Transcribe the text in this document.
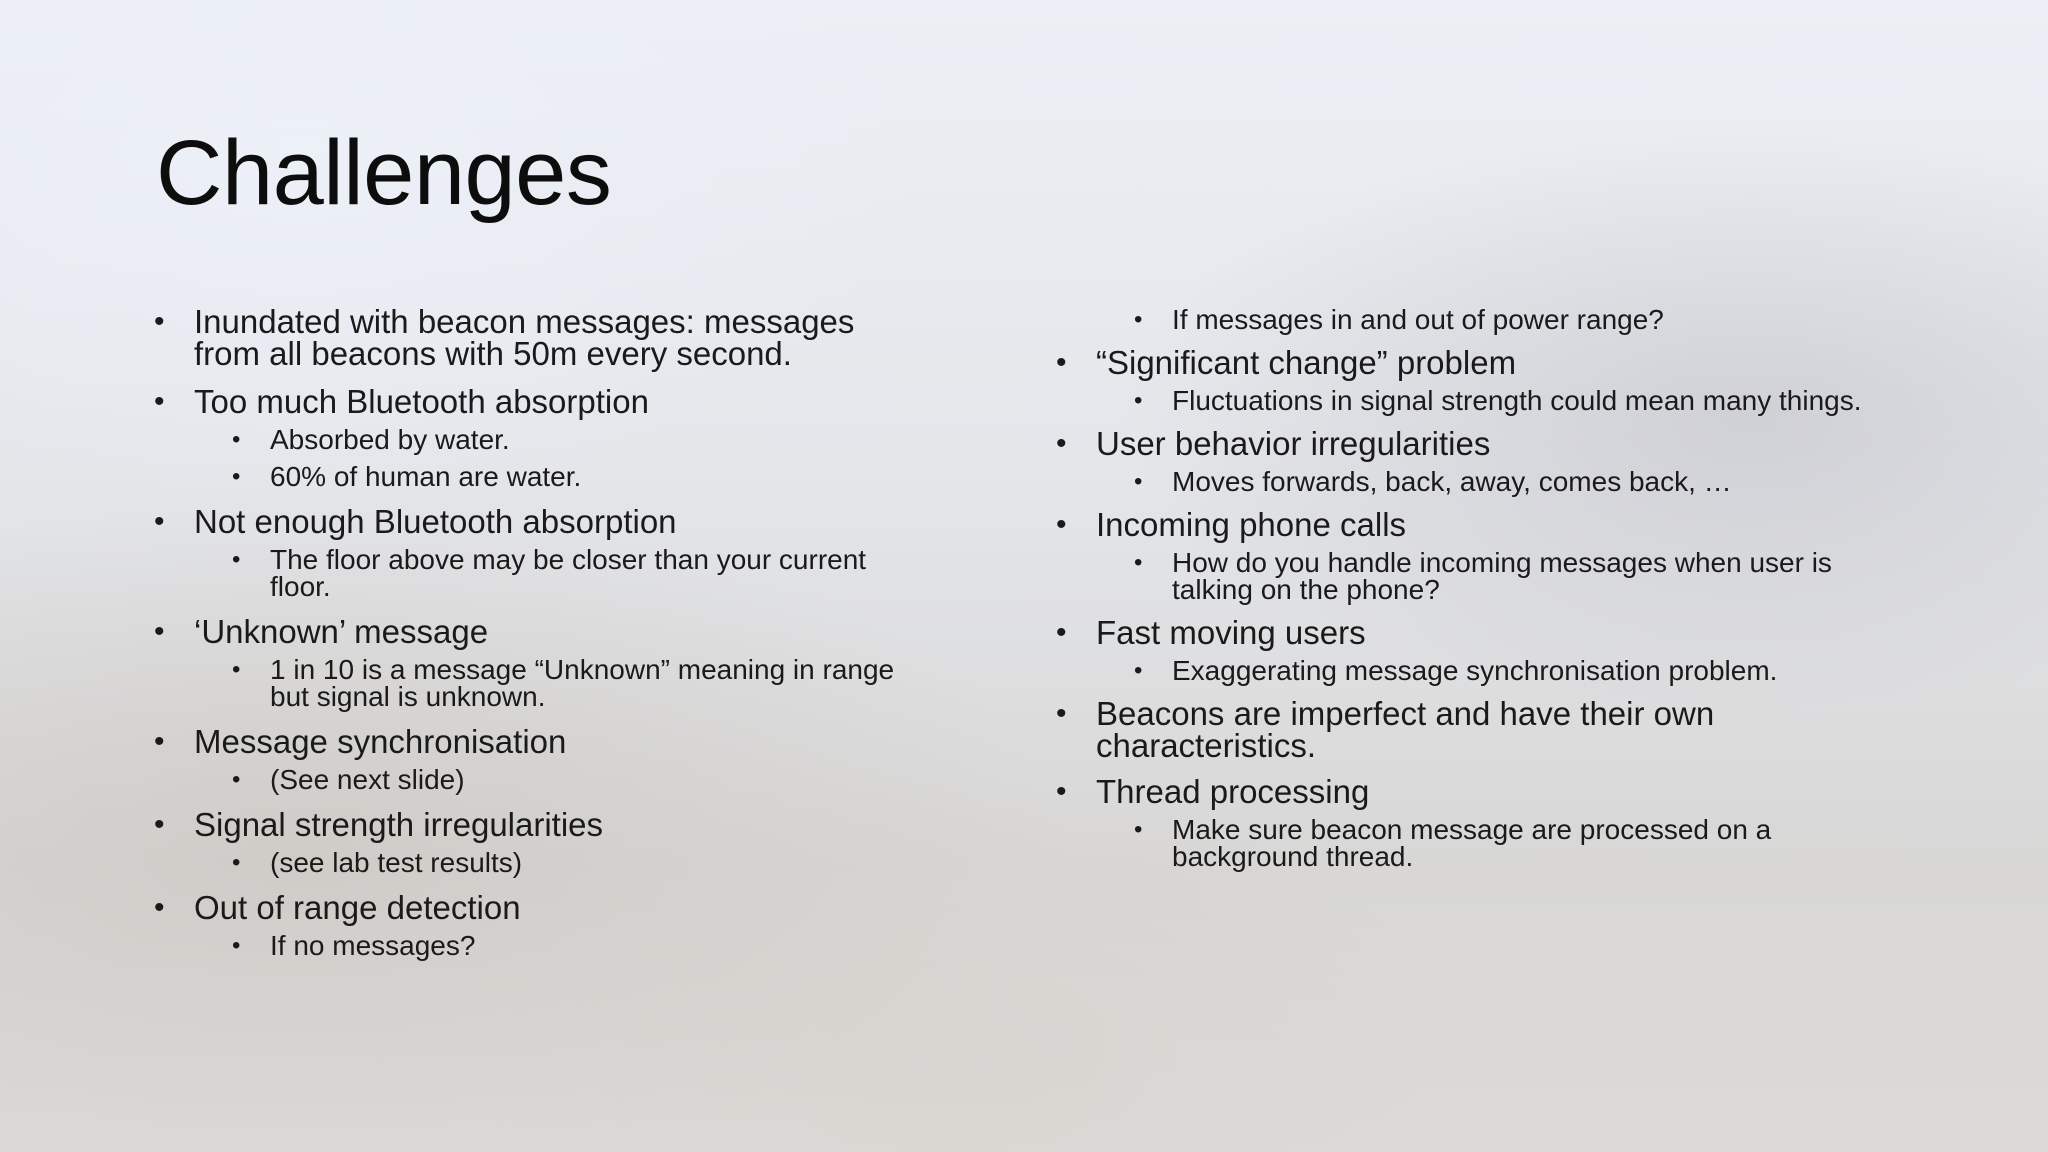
Challenges
• Inundated with beacon messages: messages from all beacons with 50m every second.
• Too much Bluetooth absorption
• Absorbed by water.
• 60% of human are water.
• Not enough Bluetooth absorption
• The floor above may be closer than your current floor.
• ‘Unknown’ message
• 1 in 10 is a message “Unknown” meaning in range but signal is unknown.
• Message synchronisation
• (See next slide)
• Signal strength irregularities
• (see lab test results)
• Out of range detection
• If no messages?
• If messages in and out of power range?
• “Significant change” problem
• Fluctuations in signal strength could mean many things.
• User behavior irregularities
• Moves forwards, back, away, comes back, …
• Incoming phone calls
• How do you handle incoming messages when user is talking on the phone?
• Fast moving users
• Exaggerating message synchronisation problem.
• Beacons are imperfect and have their own characteristics.
• Thread processing
• Make sure beacon message are processed on a background thread.
